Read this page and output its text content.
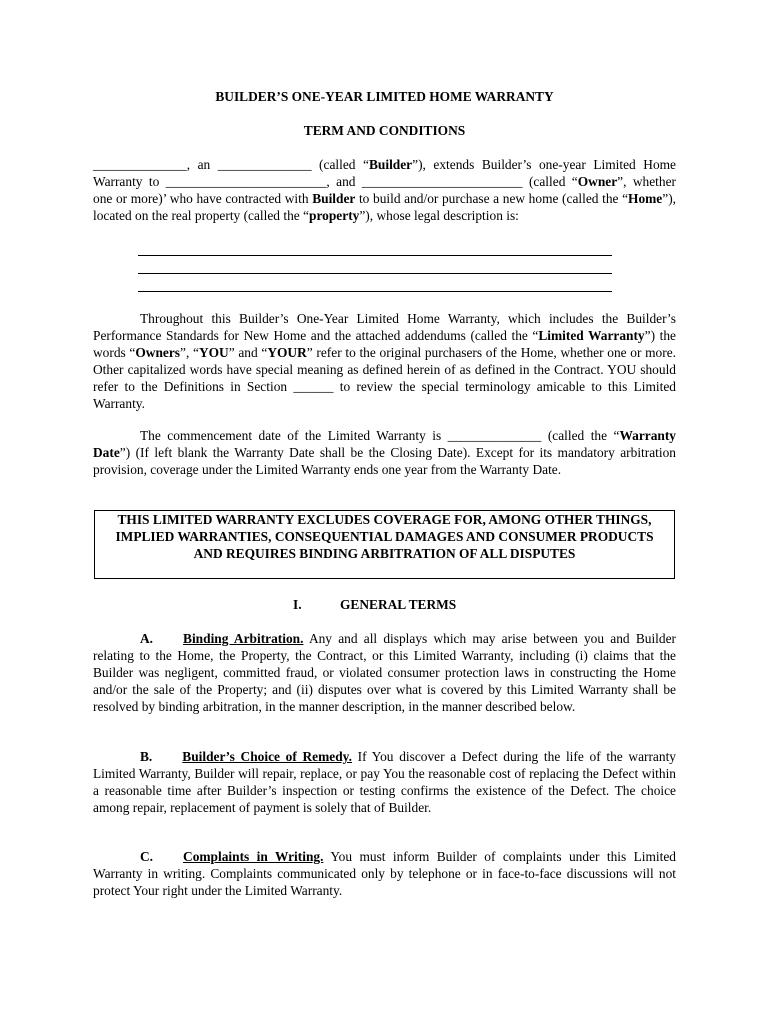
BUILDER’S ONE-YEAR LIMITED HOME WARRANTY

TERM AND CONDITIONS

______________, an ______________ (called “Builder”), extends Builder’s one-year Limited Home Warranty to ________________________, and ________________________ (called “Owner”, whether one or more)’ who have contracted with Builder to build and/or purchase a new home (called the “Home”), located on the real property (called the “property”), whose legal description is:

Throughout this Builder’s One-Year Limited Home Warranty, which includes the Builder’s Performance Standards for New Home and the attached addendums (called the “Limited Warranty”) the words “Owners”, “YOU” and “YOUR” refer to the original purchasers of the Home, whether one or more. Other capitalized words have special meaning as defined herein of as defined in the Contract. YOU should refer to the Definitions in Section ______ to review the special terminology amicable to this Limited Warranty.

The commencement date of the Limited Warranty is ______________ (called the “Warranty Date”) (If left blank the Warranty Date shall be the Closing Date). Except for its mandatory arbitration provision, coverage under the Limited Warranty ends one year from the Warranty Date.

THIS LIMITED WARRANTY EXCLUDES COVERAGE FOR, AMONG OTHER THINGS, IMPLIED WARRANTIES, CONSEQUENTIAL DAMAGES AND CONSUMER PRODUCTS AND REQUIRES BINDING ARBITRATION OF ALL DISPUTES
I.	GENERAL TERMS

A. Binding Arbitration. Any and all displays which may arise between you and Builder relating to the Home, the Property, the Contract, or this Limited Warranty, including (i) claims that the Builder was negligent, committed fraud, or violated consumer protection laws in constructing the Home and/or the sale of the Property; and (ii) disputes over what is covered by this Limited Warranty shall be resolved by binding arbitration, in the manner description, in the manner described below.

B. Builder’s Choice of Remedy. If You discover a Defect during the life of the warranty Limited Warranty, Builder will repair, replace, or pay You the reasonable cost of replacing the Defect within a reasonable time after Builder’s inspection or testing confirms the existence of the Defect. The choice among repair, replacement of payment is solely that of Builder.

C. Complaints in Writing. You must inform Builder of complaints under this Limited Warranty in writing. Complaints communicated only by telephone or in face-to-face discussions will not protect Your right under the Limited Warranty.
